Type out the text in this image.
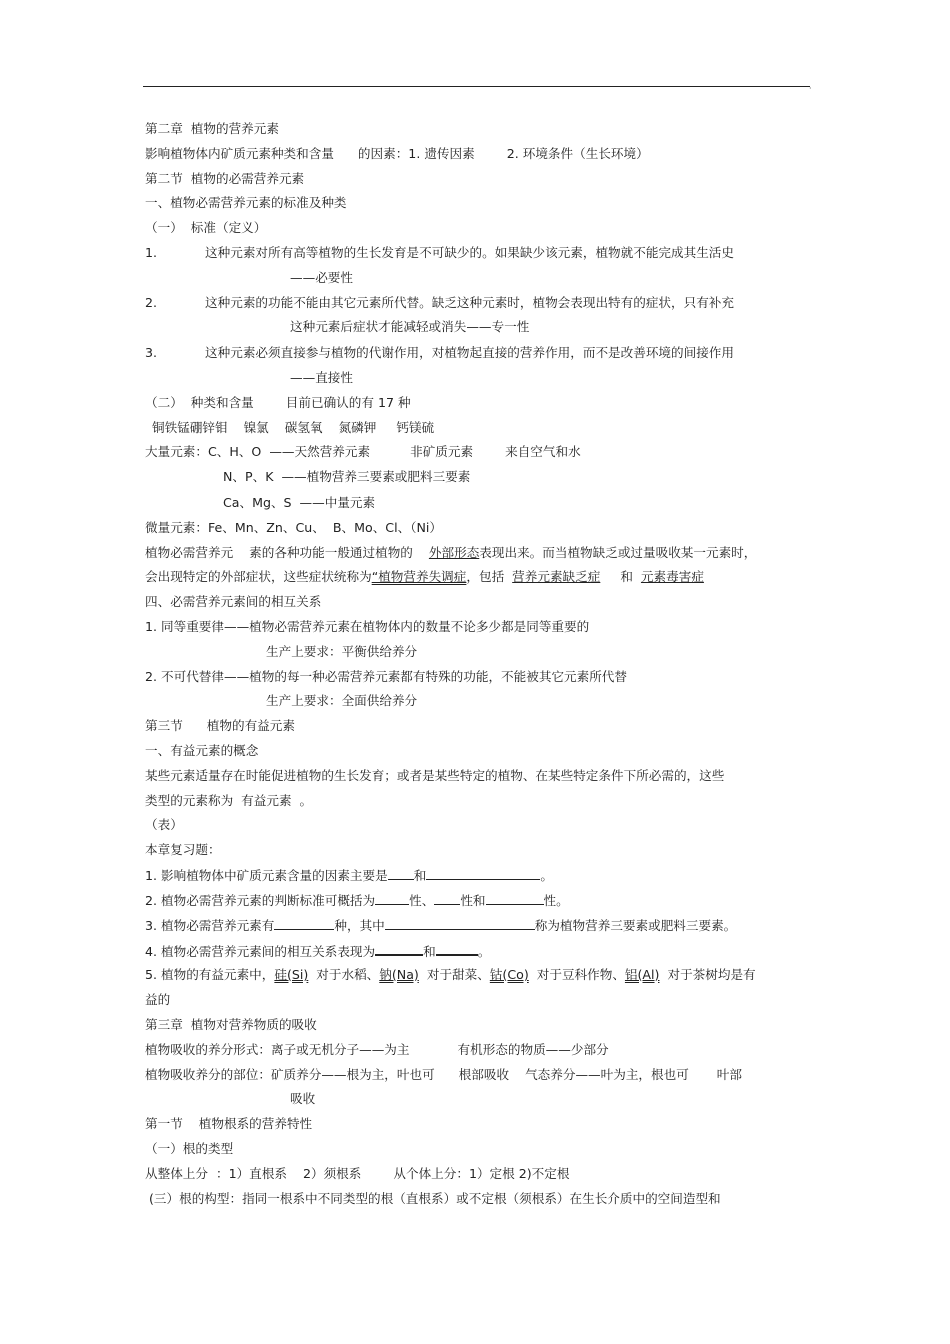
·
第二章  植物的营养元素
影响植物体内矿质元素种类和含量      的因素：1. 遗传因素        2. 环境条件（生长环境）
第二节  植物的必需营养元素
一、植物必需营养元素的标准及种类
（一）  标准（定义）
1.            这种元素对所有高等植物的生长发育是不可缺少的。如果缺少该元素，植物就不能完成其生活史
——必要性
2.            这种元素的功能不能由其它元素所代替。缺乏这种元素时，植物会表现出特有的症状，只有补充
这种元素后症状才能减轻或消失——专一性
3.            这种元素必须直接参与植物的代谢作用，对植物起直接的营养作用，而不是改善环境的间接作用
——直接性
（二）  种类和含量        目前已确认的有 17 种
铜铁锰硼锌钼    镍氯    碳氢氧    氮磷钾     钙镁硫
大量元素：C、H、O  ——天然营养元素          非矿质元素        来自空气和水
N、P、K  ——植物营养三要素或肥料三要素
Ca、Mg、S  ——中量元素
微量元素：Fe、Mn、Zn、Cu、  B、Mo、Cl、（Ni）
植物必需营养元    素的各种功能一般通过植物的    外部形态表现出来。而当植物缺乏或过量吸收某一元素时，
会出现特定的外部症状，这些症状统称为“植物营养失调症，包括  营养元素缺乏症     和  元素毒害症
四、必需营养元素间的相互关系
1. 同等重要律——植物必需营养元素在植物体内的数量不论多少都是同等重要的
生产上要求：平衡供给养分
2. 不可代替律——植物的每一种必需营养元素都有特殊的功能，不能被其它元素所代替
生产上要求：全面供给养分
第三节      植物的有益元素
一、有益元素的概念
某些元素适量存在时能促进植物的生长发育；或者是某些特定的植物、在某些特定条件下所必需的，这些
类型的元素称为  有益元素  。
（表）
本章复习题：
1. 影响植物体中矿质元素含量的因素主要是 和	。
2. 植物必需营养元素的判断标准可概括为	性、 性和	性。
3. 植物必需营养元素有	种，其中	称为植物营养三要素或肥料三要素。
4. 植物必需营养元素间的相互关系表现为	和	。
5. 植物的有益元素中，硅(Si)  对于水稻、钠(Na)  对于甜菜、钴(Co)  对于豆科作物、铝(Al)  对于茶树均是有
益的
第三章  植物对营养物质的吸收
植物吸收的养分形式：离子或无机分子——为主            有机形态的物质——少部分
植物吸收养分的部位：矿质养分——根为主，叶也可      根部吸收    气态养分——叶为主，根也可       叶部
吸收
第一节    植物根系的营养特性
（一）根的类型
从整体上分  ：1）直根系    2）须根系        从个体上分：1）定根 2)不定根
(三）根的构型：指同一根系中不同类型的根（直根系）或不定根（须根系）在生长介质中的空间造型和
